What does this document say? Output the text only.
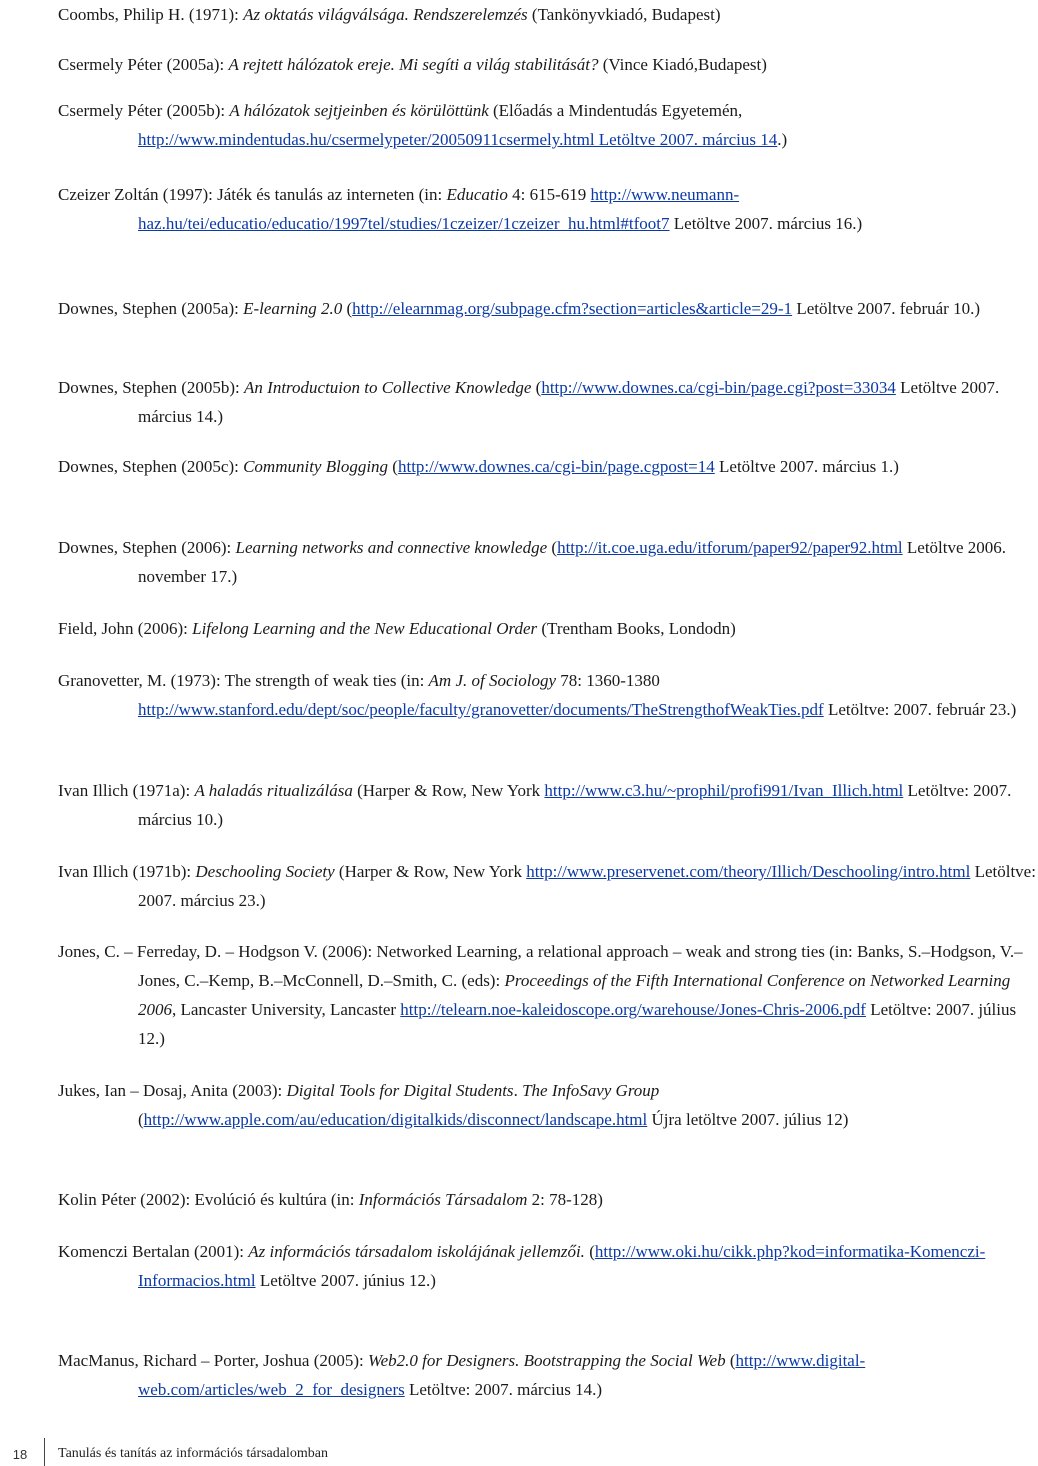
Coombs, Philip H. (1971): Az oktatás világválsága. Rendszerelemzés (Tankönyvkiadó, Budapest)

Csermely Péter (2005a): A rejtett hálózatok ereje. Mi segíti a világ stabilitását? (Vince Kiadó,Budapest)

Csermely Péter (2005b): A hálózatok sejtjeinben és körülöttünk (Előadás a Mindentudás Egyetemén, http://www.mindentudas.hu/csermelypeter/20050911csermely.html Letöltve 2007. március 14.)

Czeizer Zoltán (1997): Játék és tanulás az interneten (in: Educatio 4: 615-619 http://www.neumann-haz.hu/tei/educatio/educatio/1997tel/studies/1czeizer/1czeizer_hu.html#tfoot7 Letöltve 2007. március 16.)

Downes, Stephen (2005a): E-learning 2.0 (http://elearnmag.org/subpage.cfm?section=articles&article=29-1 Letöltve 2007. február 10.)

Downes, Stephen (2005b): An Introductuion to Collective Knowledge (http://www.downes.ca/cgi-bin/page.cgi?post=33034 Letöltve 2007. március 14.)

Downes, Stephen (2005c): Community Blogging (http://www.downes.ca/cgi-bin/page.cgpost=14 Letöltve 2007. március 1.)

Downes, Stephen (2006): Learning networks and connective knowledge (http://it.coe.uga.edu/itforum/paper92/paper92.html Letöltve 2006. november 17.)

Field, John (2006): Lifelong Learning and the New Educational Order (Trentham Books, Londodn)

Granovetter, M. (1973): The strength of weak ties (in: Am J. of Sociology 78: 1360-1380 http://www.stanford.edu/dept/soc/people/faculty/granovetter/documents/TheStrengthofWeakTies.pdf Letöltve: 2007. február 23.)

Ivan Illich (1971a): A haladás ritualizálása (Harper & Row, New York http://www.c3.hu/~prophil/profi991/Ivan_Illich.html Letöltve: 2007. március 10.)

Ivan Illich (1971b): Deschooling Society (Harper & Row, New York http://www.preservenet.com/theory/Illich/Deschooling/intro.html Letöltve: 2007. március 23.)

Jones, C. – Ferreday, D. – Hodgson V. (2006): Networked Learning, a relational approach – weak and strong ties (in: Banks, S.–Hodgson, V.–Jones, C.–Kemp, B.–McConnell, D.–Smith, C. (eds): Proceedings of the Fifth International Conference on Networked Learning 2006, Lancaster University, Lancaster http://telearn.noe-kaleidoscope.org/warehouse/Jones-Chris-2006.pdf Letöltve: 2007. július 12.)

Jukes, Ian – Dosaj, Anita (2003): Digital Tools for Digital Students. The InfoSavy Group (http://www.apple.com/au/education/digitalkids/disconnect/landscape.html Újra letöltve 2007. július 12)

Kolin Péter (2002): Evolúció és kultúra (in: Információs Társadalom 2: 78-128)

Komenczi Bertalan (2001): Az információs társadalom iskolájának jellemzői. (http://www.oki.hu/cikk.php?kod=informatika-Komenczi-Informacios.html Letöltve 2007. június 12.)

MacManus, Richard – Porter, Joshua (2005): Web2.0 for Designers. Bootstrapping the Social Web (http://www.digital-web.com/articles/web_2_for_designers Letöltve: 2007. március 14.)

18	Tanulás és tanítás az információs társadalomban
